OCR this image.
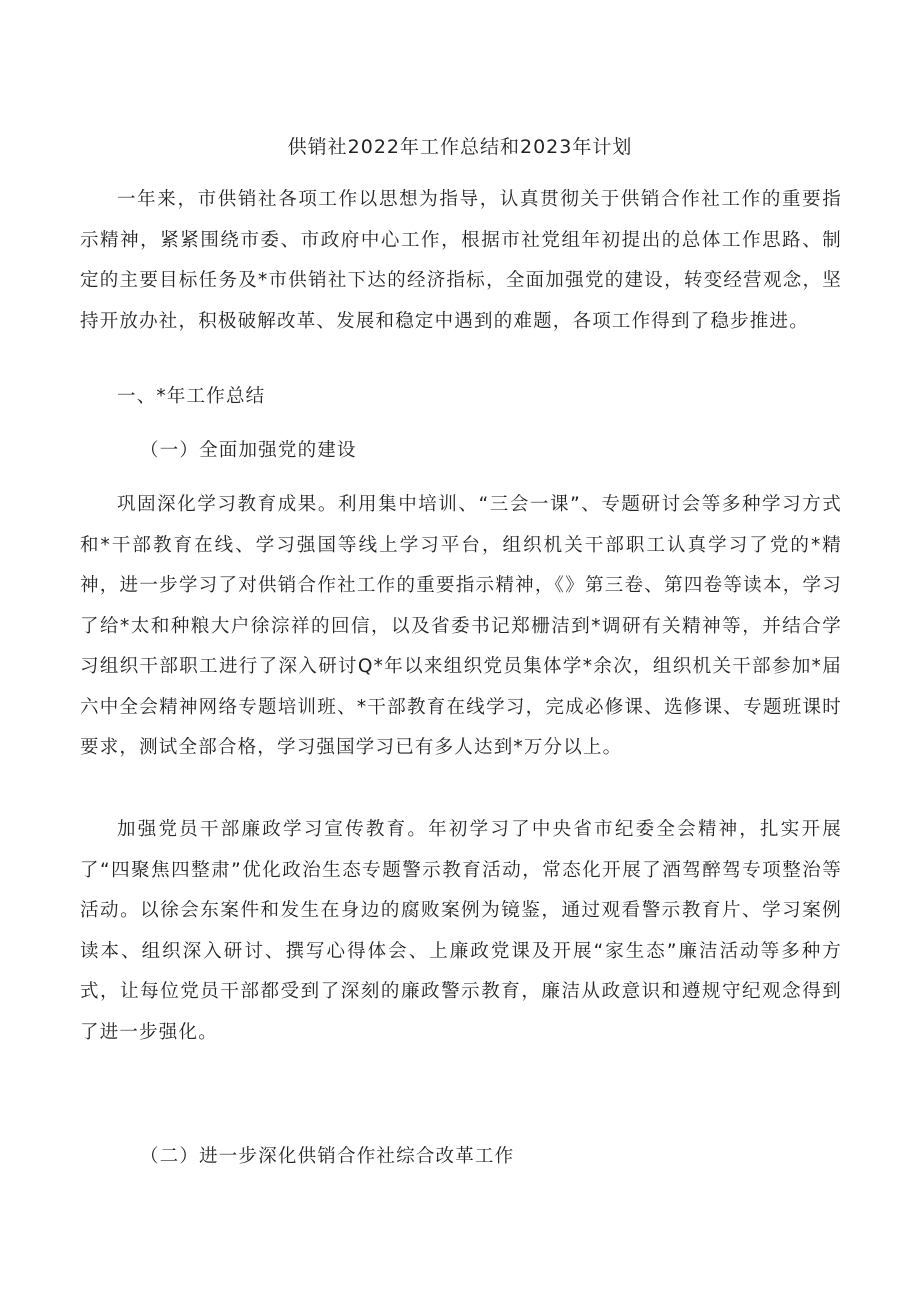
供销社2022年工作总结和2023年计划

一年来，市供销社各项工作以思想为指导，认真贯彻关于供销合作社工作的重要指示精神，紧紧围绕市委、市政府中心工作，根据市社党组年初提出的总体工作思路、制定的主要目标任务及*市供销社下达的经济指标，全面加强党的建设，转变经营观念，坚持开放办社，积极破解改革、发展和稳定中遇到的难题，各项工作得到了稳步推进。

一、*年工作总结
（一）全面加强党的建设

巩固深化学习教育成果。利用集中培训、“三会一课”、专题研讨会等多种学习方式和*干部教育在线、学习强国等线上学习平台，组织机关干部职工认真学习了党的*精神，进一步学习了对供销合作社工作的重要指示精神，《》第三卷、第四卷等读本，学习了给*太和种粮大户徐淙祥的回信，以及省委书记郑栅洁到*调研有关精神等，并结合学习组织干部职工进行了深入研讨Q*年以来组织党员集体学*余次，组织机关干部参加*届六中全会精神网络专题培训班、*干部教育在线学习，完成必修课、选修课、专题班课时要求，测试全部合格，学习强国学习已有多人达到*万分以上。

加强党员干部廉政学习宣传教育。年初学习了中央省市纪委全会精神，扎实开展了“四聚焦四整肃”优化政治生态专题警示教育活动，常态化开展了酒驾醉驾专项整治等活动。以徐会东案件和发生在身边的腐败案例为镜鉴，通过观看警示教育片、学习案例读本、组织深入研讨、撰写心得体会、上廉政党课及开展“家生态”廉洁活动等多种方式，让每位党员干部都受到了深刻的廉政警示教育，廉洁从政意识和遵规守纪观念得到了进一步强化。

（二）进一步深化供销合作社综合改革工作
